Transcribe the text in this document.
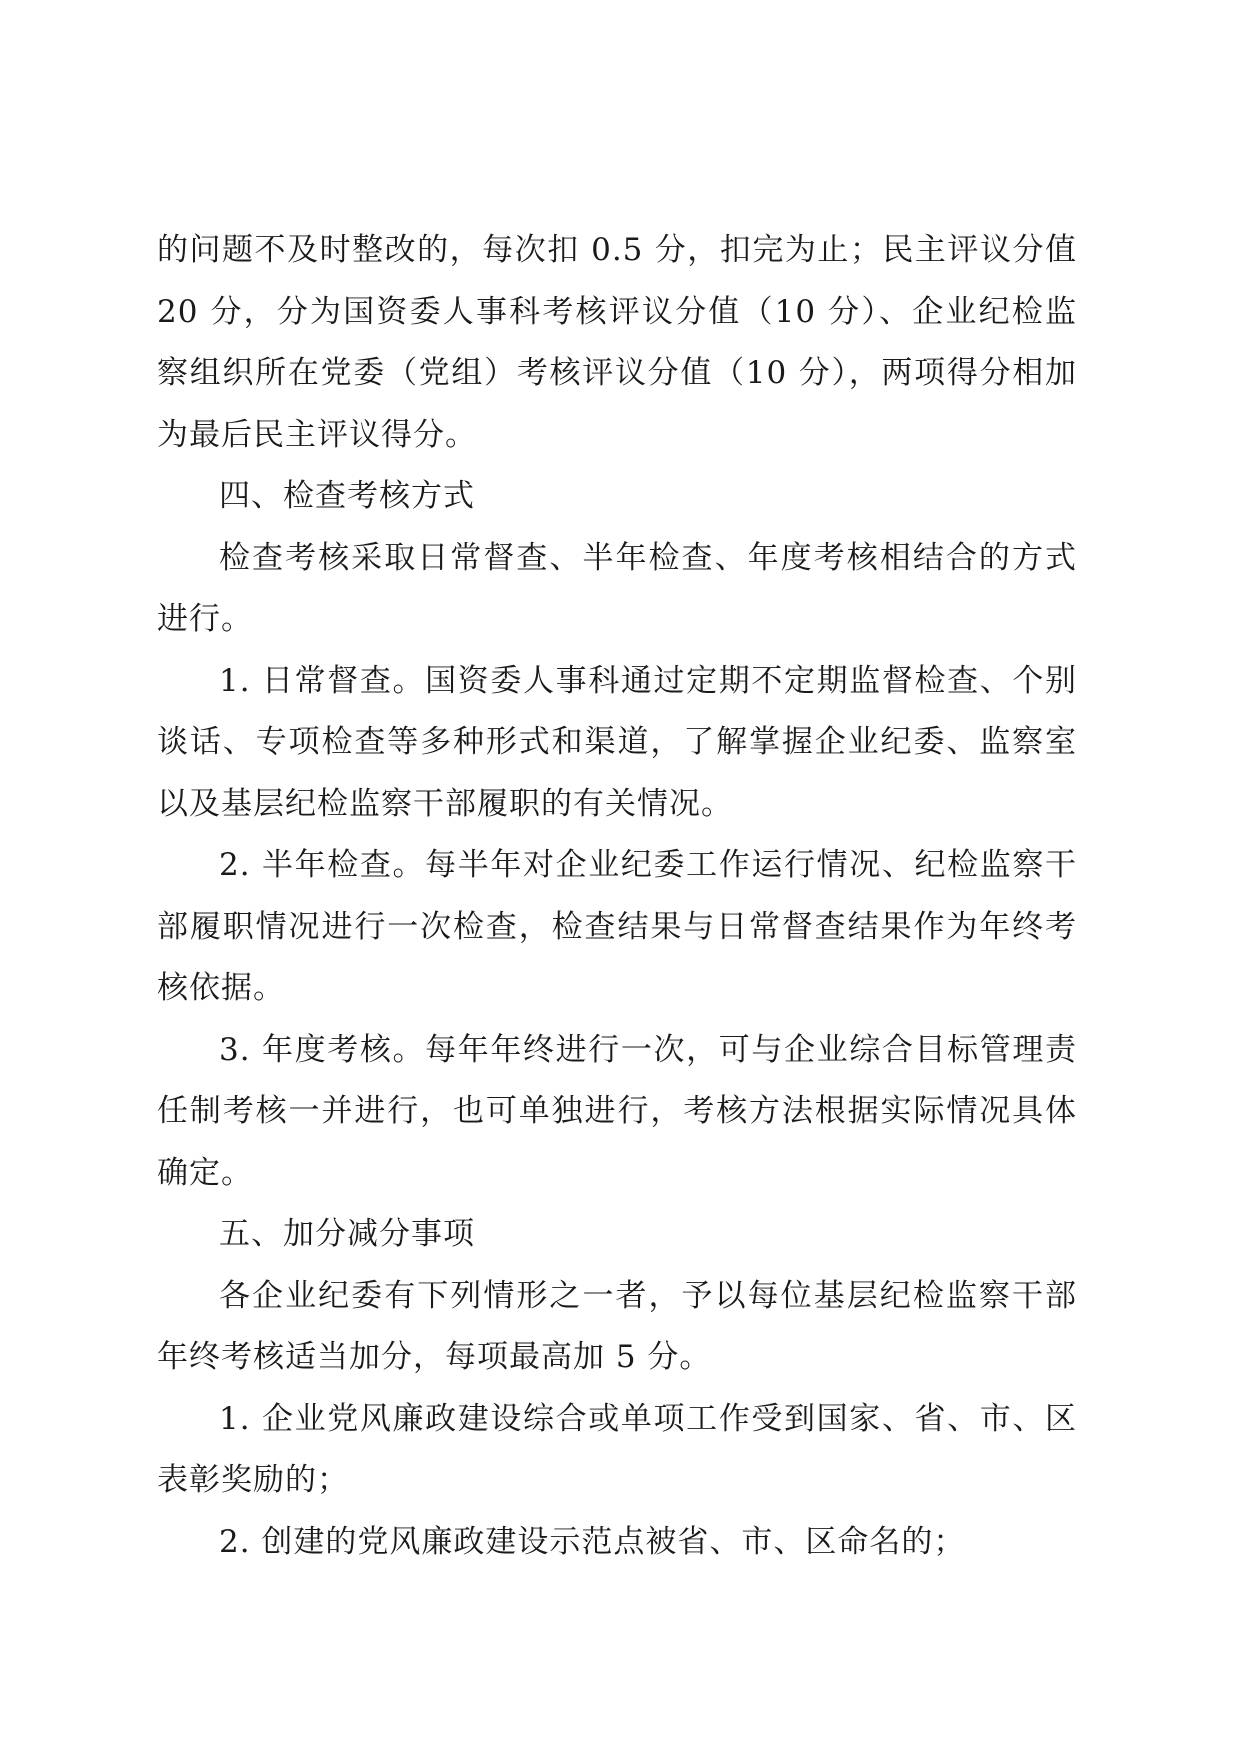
的问题不及时整改的，每次扣 0.5 分，扣完为止；民主评议分值 20 分，分为国资委人事科考核评议分值（10 分）、企业纪检监察组织所在党委（党组）考核评议分值（10 分），两项得分相加为最后民主评议得分。

四、检查考核方式

检查考核采取日常督查、半年检查、年度考核相结合的方式进行。

1. 日常督查。国资委人事科通过定期不定期监督检查、个别谈话、专项检查等多种形式和渠道，了解掌握企业纪委、监察室以及基层纪检监察干部履职的有关情况。

2. 半年检查。每半年对企业纪委工作运行情况、纪检监察干部履职情况进行一次检查，检查结果与日常督查结果作为年终考核依据。

3. 年度考核。每年年终进行一次，可与企业综合目标管理责任制考核一并进行，也可单独进行，考核方法根据实际情况具体确定。

五、加分减分事项

各企业纪委有下列情形之一者，予以每位基层纪检监察干部年终考核适当加分，每项最高加 5 分。

1. 企业党风廉政建设综合或单项工作受到国家、省、市、区表彰奖励的；

2. 创建的党风廉政建设示范点被省、市、区命名的；
